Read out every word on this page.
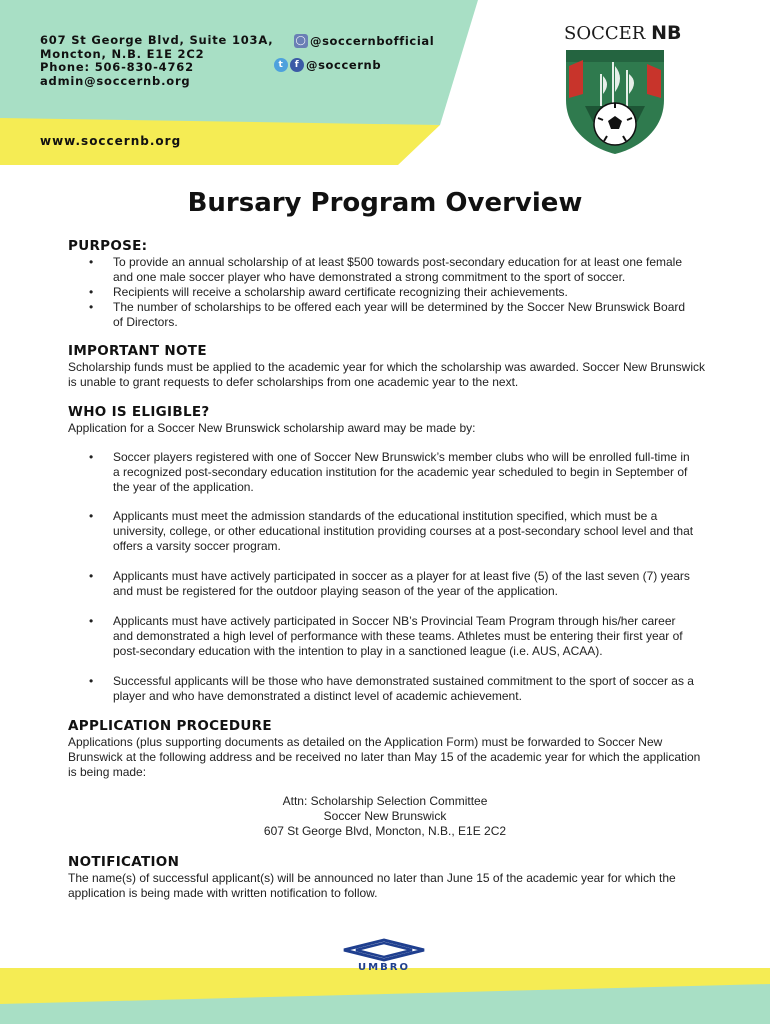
607 St George Blvd, Suite 103A,
Moncton, N.B. E1E 2C2
Phone: 506-830-4762
admin@soccernb.org
◯ @soccernbofficial
t	f @soccernb
www.soccernb.org
SOCCER NB
Bursary Program Overview
PURPOSE:
• To provide an annual scholarship of at least $500 towards post-secondary education for at least one female and one male soccer player who have demonstrated a strong commitment to the sport of soccer.
• Recipients will receive a scholarship award certificate recognizing their achievements.
• The number of scholarships to be offered each year will be determined by the Soccer New Brunswick Board of Directors.
IMPORTANT NOTE
Scholarship funds must be applied to the academic year for which the scholarship was awarded. Soccer New Brunswick is unable to grant requests to defer scholarships from one academic year to the next.
WHO IS ELIGIBLE?
Application for a Soccer New Brunswick scholarship award may be made by:
• Soccer players registered with one of Soccer New Brunswick’s member clubs who will be enrolled full-time in a recognized post-secondary education institution for the academic year scheduled to begin in September of the year of the application.
• Applicants must meet the admission standards of the educational institution specified, which must be a university, college, or other educational institution providing courses at a post-secondary school level and that offers a varsity soccer program.
• Applicants must have actively participated in soccer as a player for at least five (5) of the last seven (7) years and must be registered for the outdoor playing season of the year of the application.
• Applicants must have actively participated in Soccer NB’s Provincial Team Program through his/her career and demonstrated a high level of performance with these teams. Athletes must be entering their first year of post-secondary education with the intention to play in a sanctioned league (i.e. AUS, ACAA).
• Successful applicants will be those who have demonstrated sustained commitment to the sport of soccer as a player and who have demonstrated a distinct level of academic achievement.
APPLICATION PROCEDURE
Applications (plus supporting documents as detailed on the Application Form) must be forwarded to Soccer New Brunswick at the following address and be received no later than May 15 of the academic year for which the application is being made:
Attn: Scholarship Selection Committee
Soccer New Brunswick
607 St George Blvd, Moncton, N.B., E1E 2C2
NOTIFICATION
The name(s) of successful applicant(s) will be announced no later than June 15 of the academic year for which the application is being made with written notification to follow.
UMBRO
